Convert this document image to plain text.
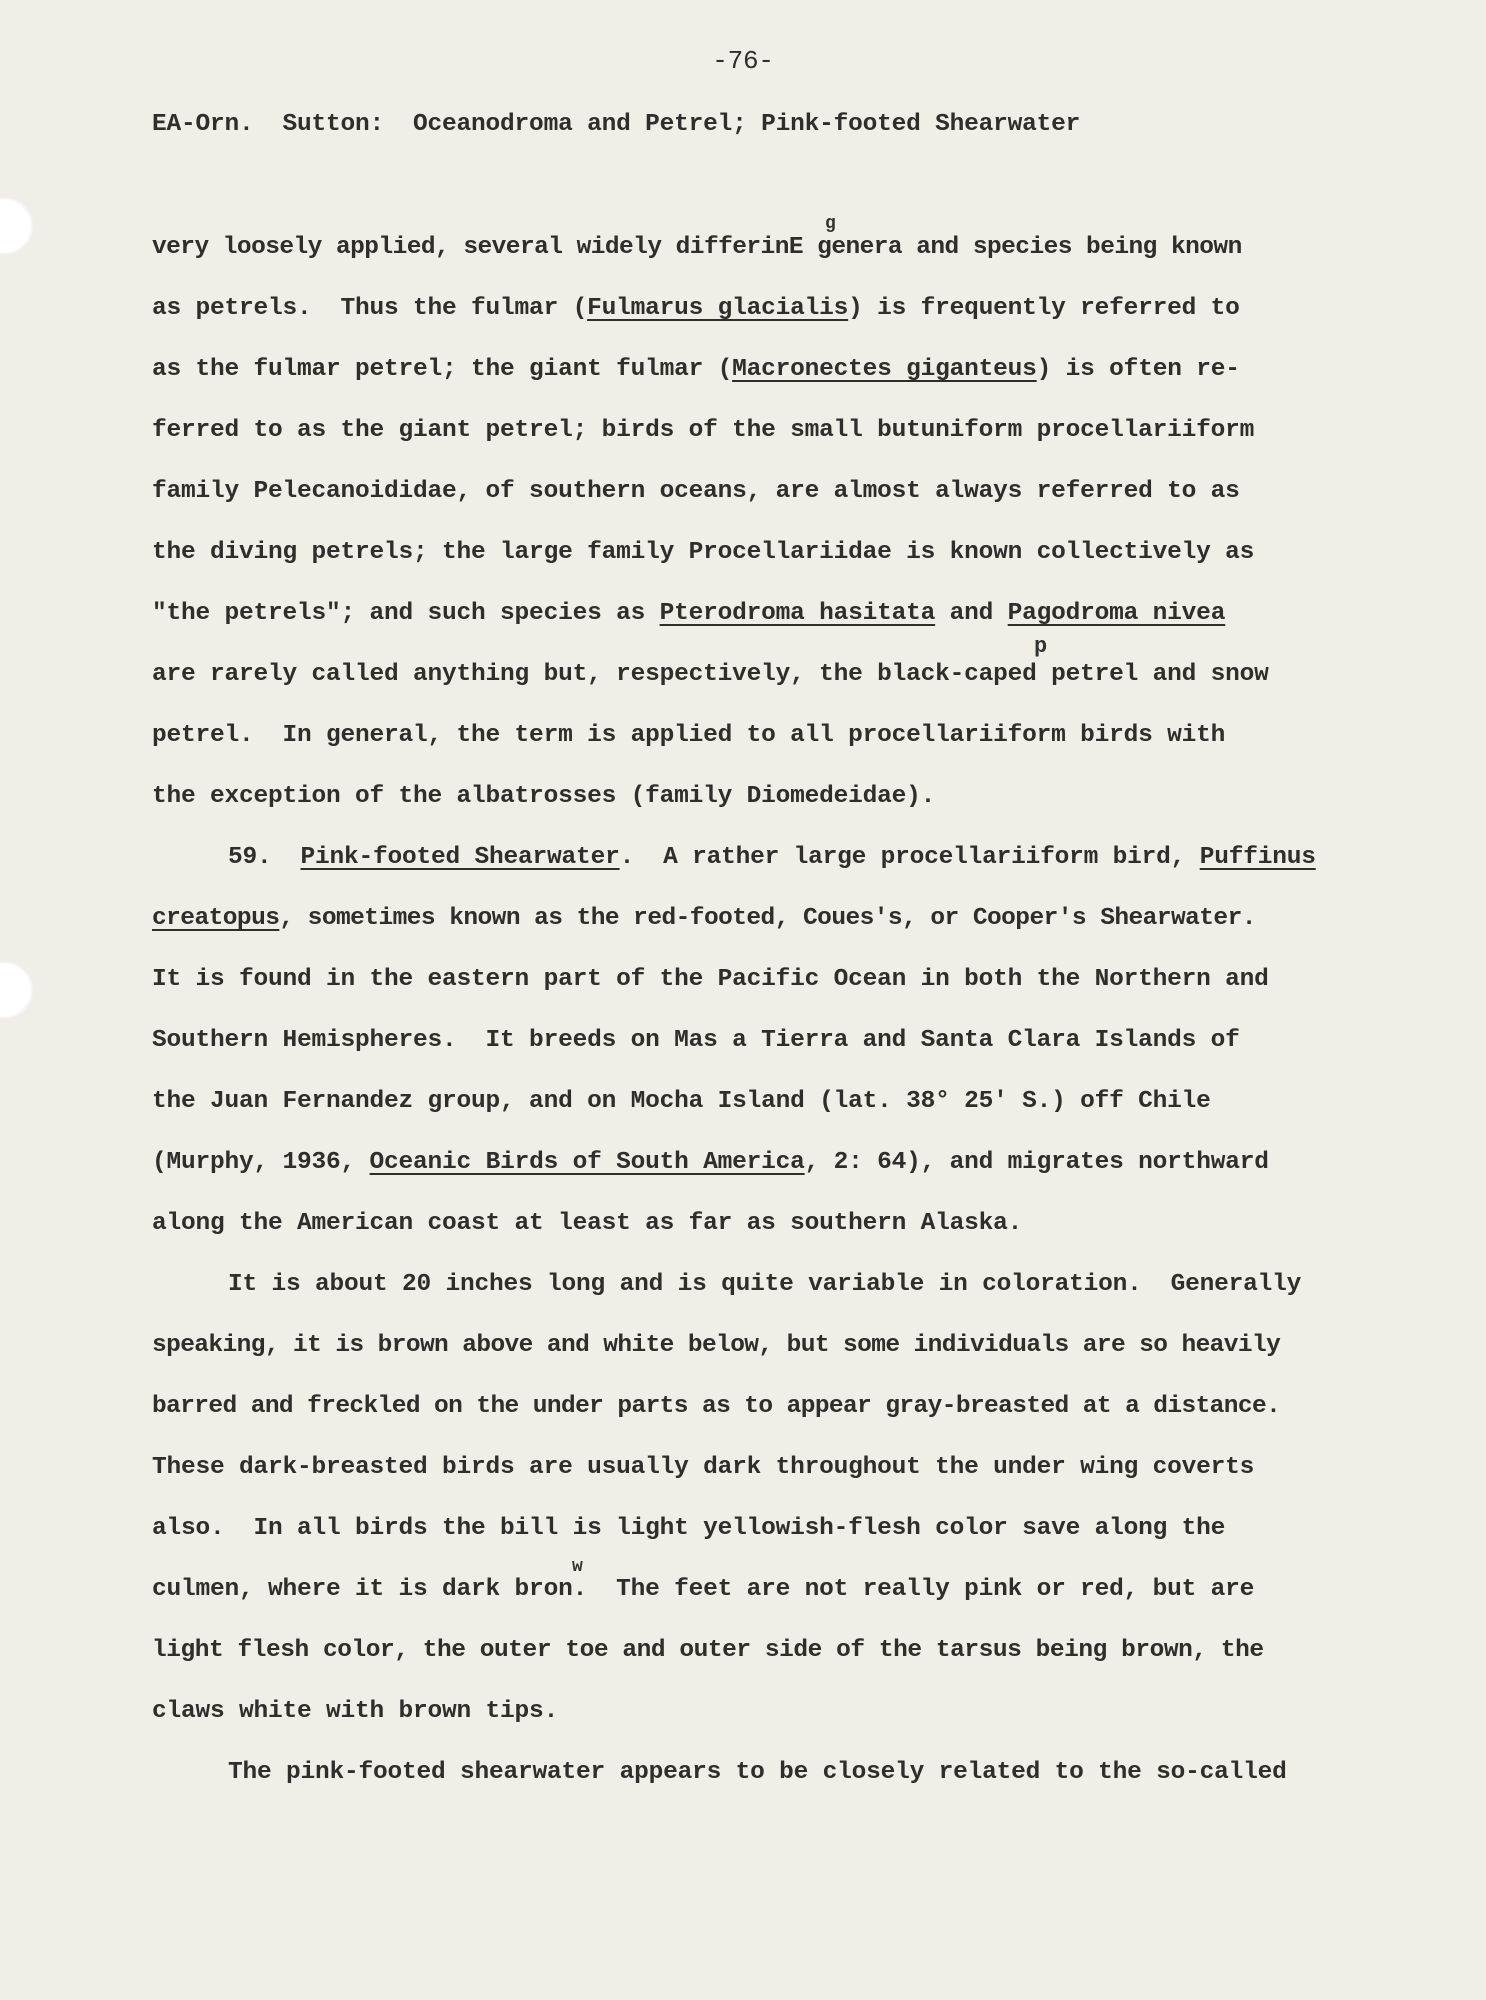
-76-
EA-Orn.  Sutton:  Oceanodroma and Petrel; Pink-footed Shearwater
g
very loosely applied, several widely differinE genera and species being known
as petrels.  Thus the fulmar (Fulmarus glacialis) is frequently referred to
as the fulmar petrel; the giant fulmar (Macronectes giganteus) is often re-
ferred to as the giant petrel; birds of the small butuniform procellariiform
family Pelecanoididae, of southern oceans, are almost always referred to as
the diving petrels; the large family Procellariidae is known collectively as
"the petrels"; and such species as Pterodroma hasitata and Pagodroma nivea
p
are rarely called anything but, respectively, the black-caped petrel and snow
petrel.  In general, the term is applied to all procellariiform birds with
the exception of the albatrosses (family Diomedeidae).
59.  Pink-footed Shearwater.  A rather large procellariiform bird, Puffinus
creatopus, sometimes known as the red-footed, Coues's, or Cooper's Shearwater.
It is found in the eastern part of the Pacific Ocean in both the Northern and
Southern Hemispheres.  It breeds on Mas a Tierra and Santa Clara Islands of
the Juan Fernandez group, and on Mocha Island (lat. 38° 25' S.) off Chile
(Murphy, 1936, Oceanic Birds of South America, 2: 64), and migrates northward
along the American coast at least as far as southern Alaska.
It is about 20 inches long and is quite variable in coloration.  Generally
speaking, it is brown above and white below, but some individuals are so heavily
barred and freckled on the under parts as to appear gray-breasted at a distance.
These dark-breasted birds are usually dark throughout the under wing coverts
also.  In all birds the bill is light yellowish-flesh color save along the
w
culmen, where it is dark bron.  The feet are not really pink or red, but are
light flesh color, the outer toe and outer side of the tarsus being brown, the
claws white with brown tips.
The pink-footed shearwater appears to be closely related to the so-called
